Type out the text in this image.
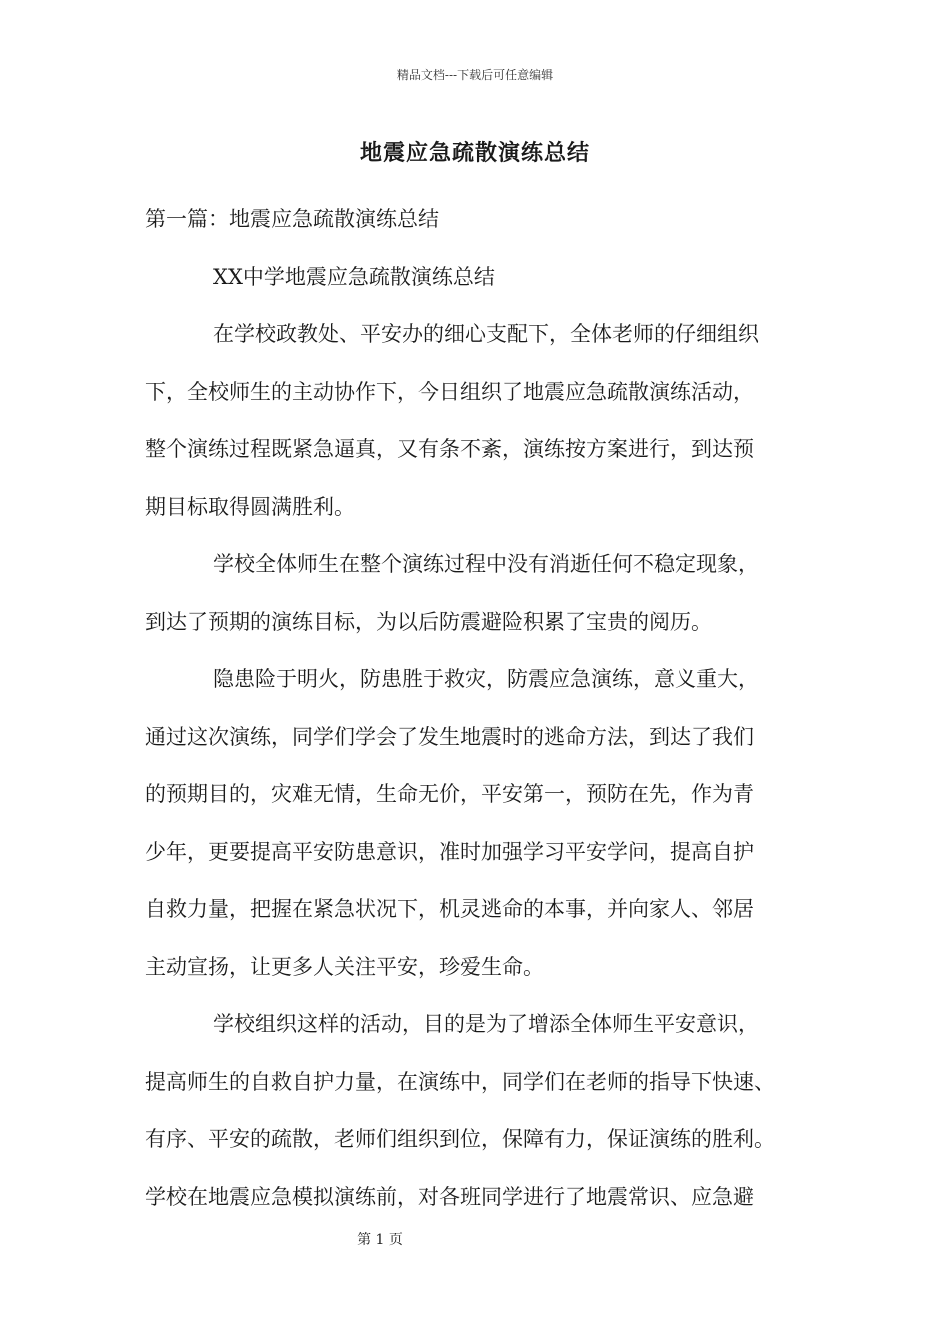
精品文档---下载后可任意编辑
地震应急疏散演练总结
第一篇：地震应急疏散演练总结
XX中学地震应急疏散演练总结
在学校政教处、平安办的细心支配下，全体老师的仔细组织
下，全校师生的主动协作下，今日组织了地震应急疏散演练活动，
整个演练过程既紧急逼真，又有条不紊，演练按方案进行，到达预
期目标取得圆满胜利。
学校全体师生在整个演练过程中没有消逝任何不稳定现象，
到达了预期的演练目标，为以后防震避险积累了宝贵的阅历。
隐患险于明火，防患胜于救灾，防震应急演练，意义重大，
通过这次演练，同学们学会了发生地震时的逃命方法，到达了我们
的预期目的，灾难无情，生命无价，平安第一，预防在先，作为青
少年，更要提高平安防患意识，准时加强学习平安学问，提高自护
自救力量，把握在紧急状况下，机灵逃命的本事，并向家人、邻居
主动宣扬，让更多人关注平安，珍爱生命。
学校组织这样的活动，目的是为了增添全体师生平安意识，
提高师生的自救自护力量，在演练中，同学们在老师的指导下快速、
有序、平安的疏散，老师们组织到位，保障有力，保证演练的胜利。
学校在地震应急模拟演练前，对各班同学进行了地震常识、应急避
第 1 页
